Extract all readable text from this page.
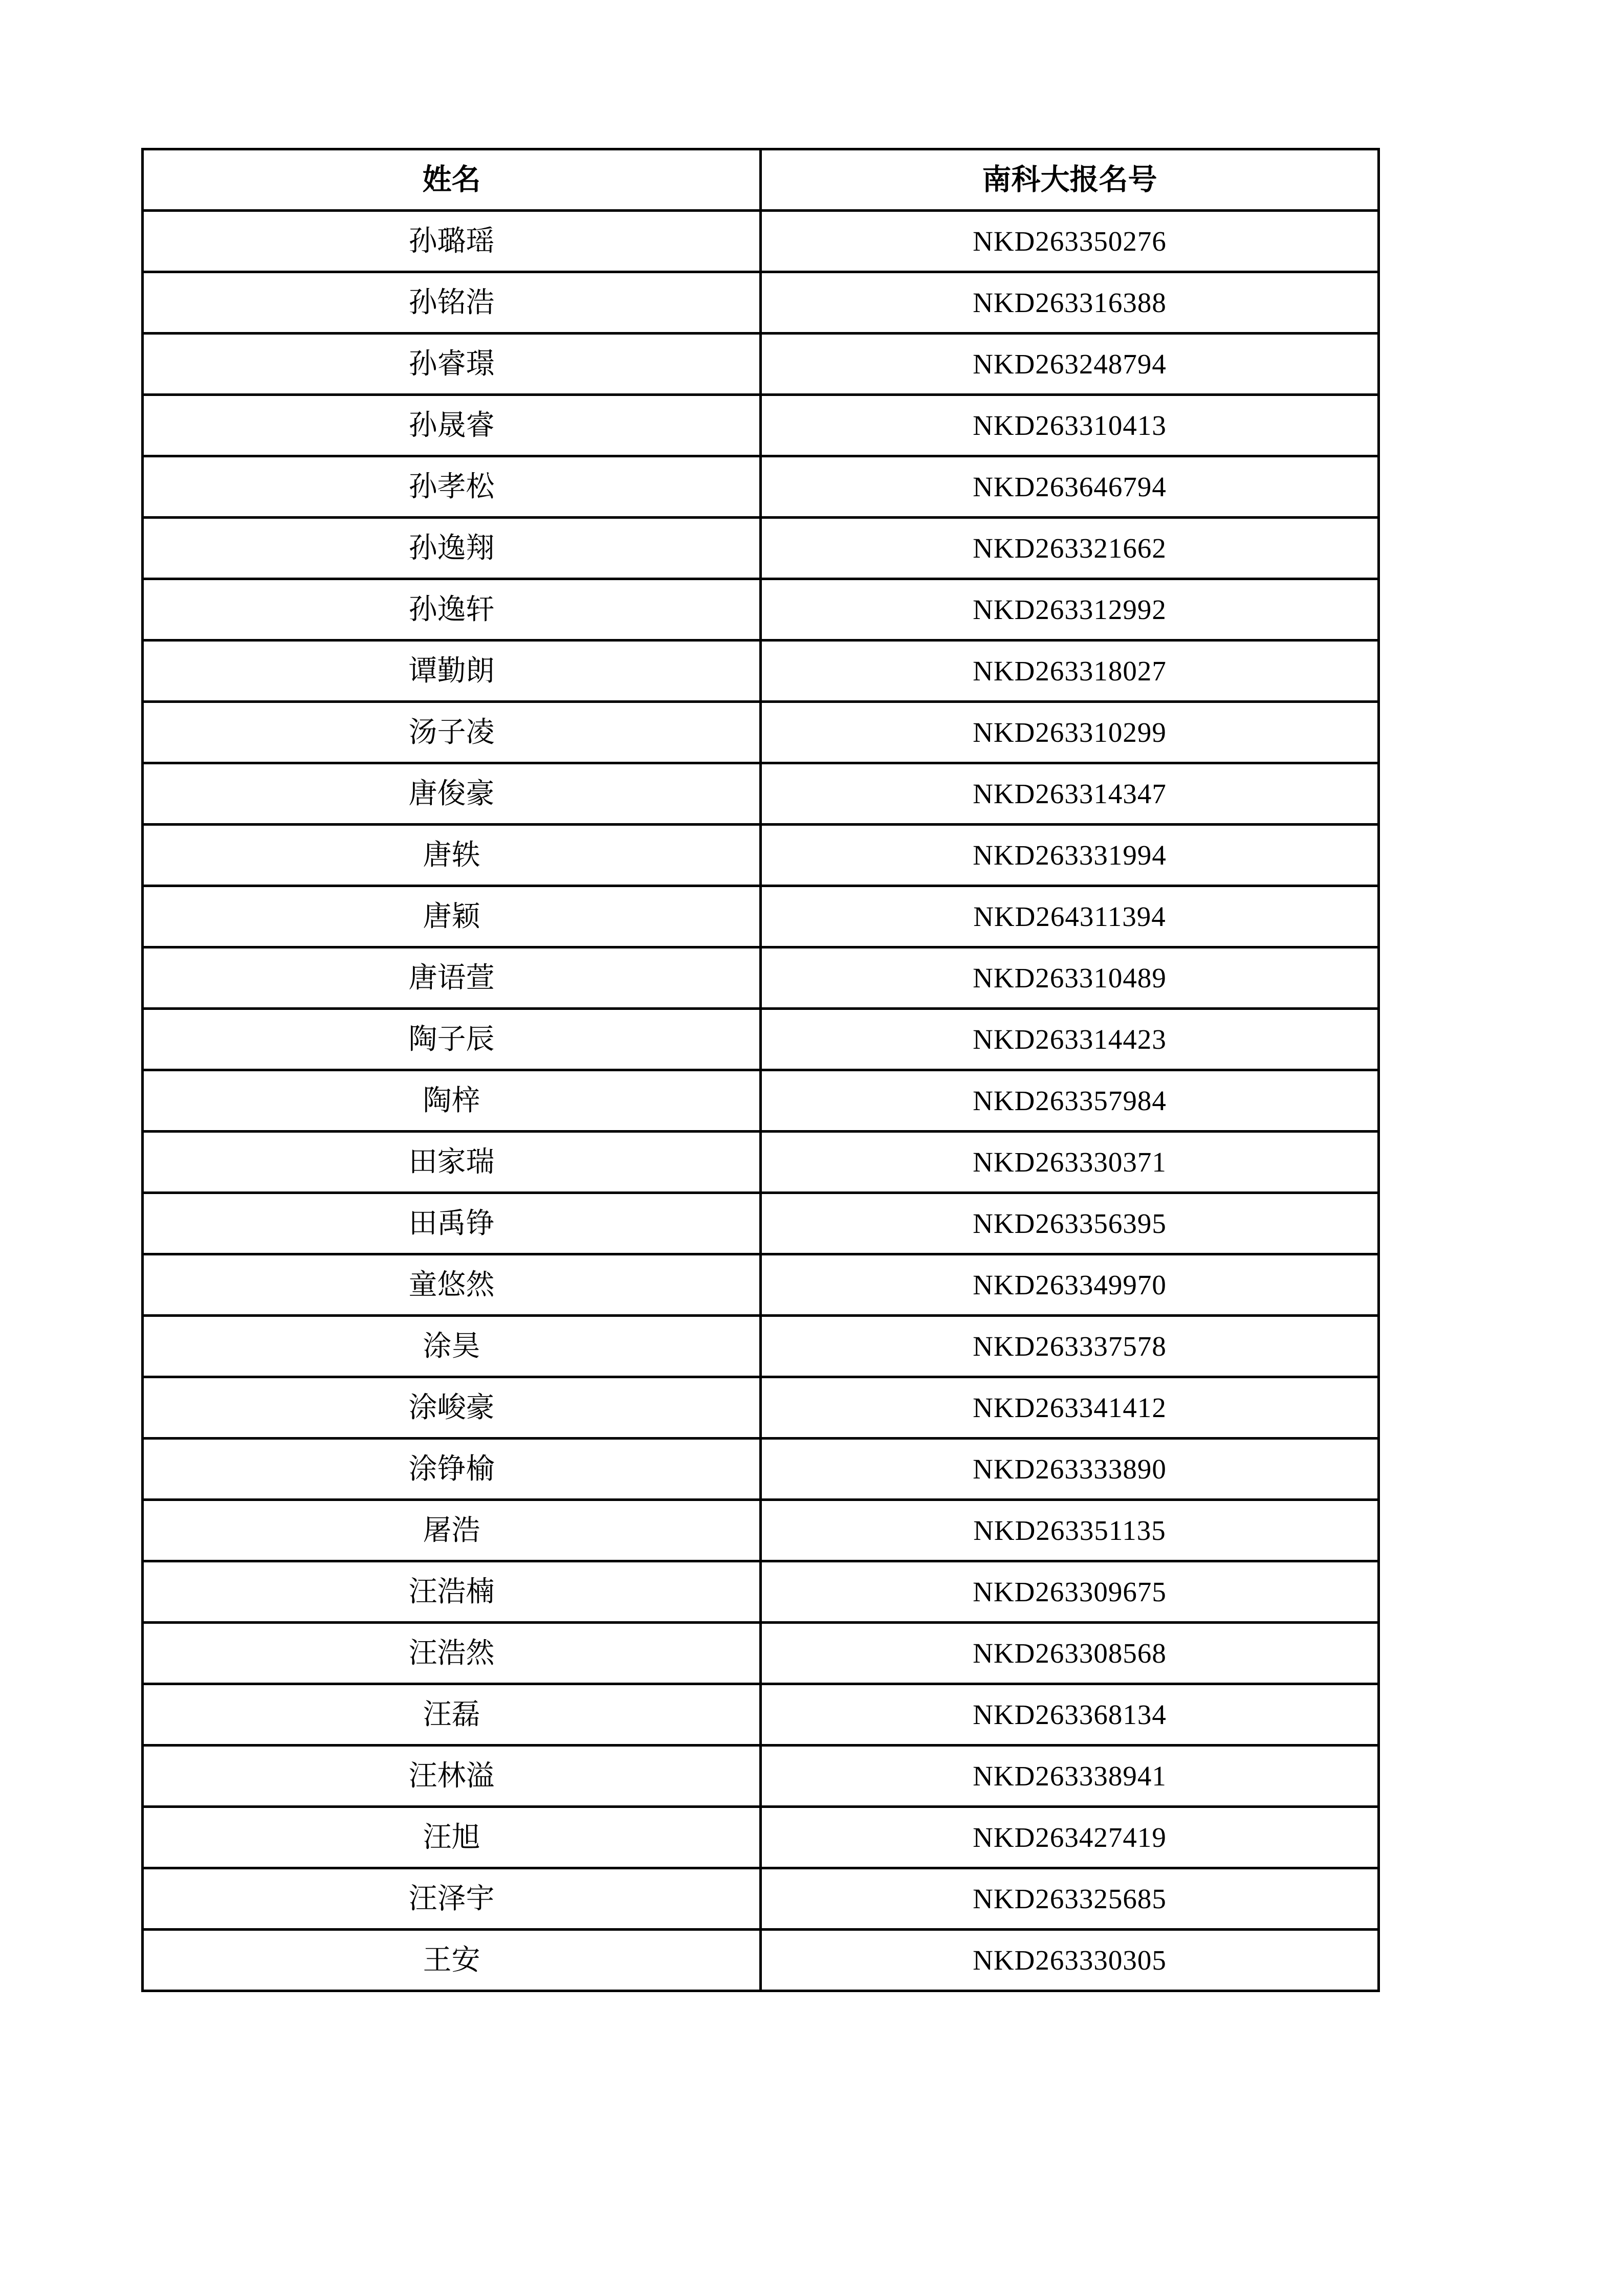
姓名	南科大报名号
孙璐瑶	NKD263350276
孙铭浩	NKD263316388
孙睿璟	NKD263248794
孙晟睿	NKD263310413
孙孝松	NKD263646794
孙逸翔	NKD263321662
孙逸轩	NKD263312992
谭勤朗	NKD263318027
汤子凌	NKD263310299
唐俊豪	NKD263314347
唐轶	NKD263331994
唐颖	NKD264311394
唐语萱	NKD263310489
陶子辰	NKD263314423
陶梓	NKD263357984
田家瑞	NKD263330371
田禹铮	NKD263356395
童悠然	NKD263349970
涂昊	NKD263337578
涂峻豪	NKD263341412
涂铮榆	NKD263333890
屠浩	NKD263351135
汪浩楠	NKD263309675
汪浩然	NKD263308568
汪磊	NKD263368134
汪林溢	NKD263338941
汪旭	NKD263427419
汪泽宇	NKD263325685
王安	NKD263330305
